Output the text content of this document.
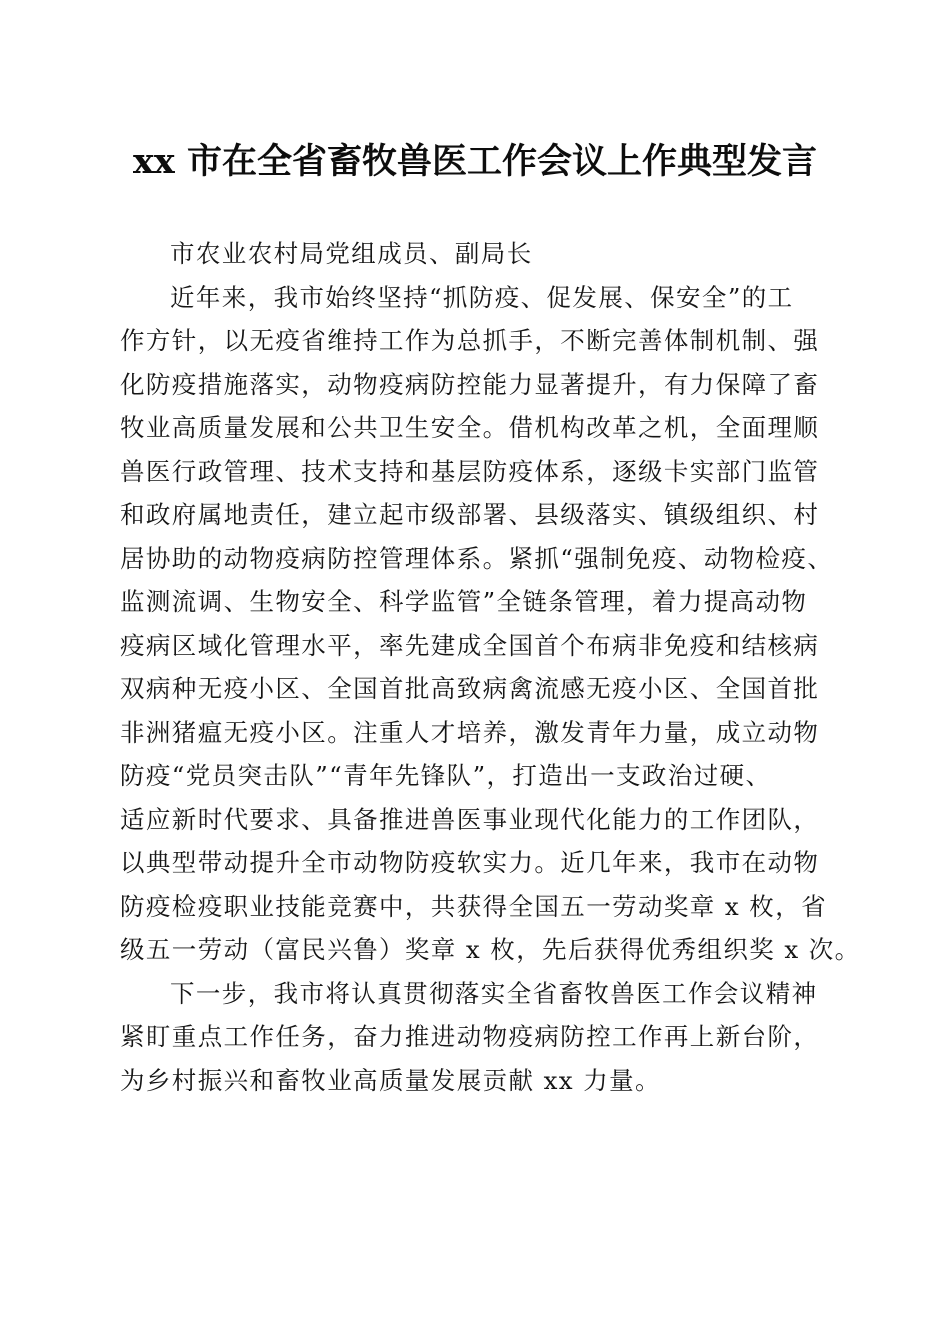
xx 市在全省畜牧兽医工作会议上作典型发言
市农业农村局党组成员、副局长
近年来，我市始终坚持“抓防疫、促发展、保安全”的工
作方针，以无疫省维持工作为总抓手，不断完善体制机制、强
化防疫措施落实，动物疫病防控能力显著提升，有力保障了畜
牧业高质量发展和公共卫生安全。借机构改革之机，全面理顺
兽医行政管理、技术支持和基层防疫体系，逐级卡实部门监管
和政府属地责任，建立起市级部署、县级落实、镇级组织、村
居协助的动物疫病防控管理体系。紧抓“强制免疫、动物检疫、
监测流调、生物安全、科学监管”全链条管理，着力提高动物
疫病区域化管理水平，率先建成全国首个布病非免疫和结核病
双病种无疫小区、全国首批高致病禽流感无疫小区、全国首批
非洲猪瘟无疫小区。注重人才培养，激发青年力量，成立动物
防疫“党员突击队”“青年先锋队”，打造出一支政治过硬、
适应新时代要求、具备推进兽医事业现代化能力的工作团队，
以典型带动提升全市动物防疫软实力。近几年来，我市在动物
防疫检疫职业技能竞赛中，共获得全国五一劳动奖章 x 枚，省
级五一劳动（富民兴鲁）奖章 x 枚，先后获得优秀组织奖 x 次。
下一步，我市将认真贯彻落实全省畜牧兽医工作会议精神
紧盯重点工作任务，奋力推进动物疫病防控工作再上新台阶，
为乡村振兴和畜牧业高质量发展贡献 xx 力量。
